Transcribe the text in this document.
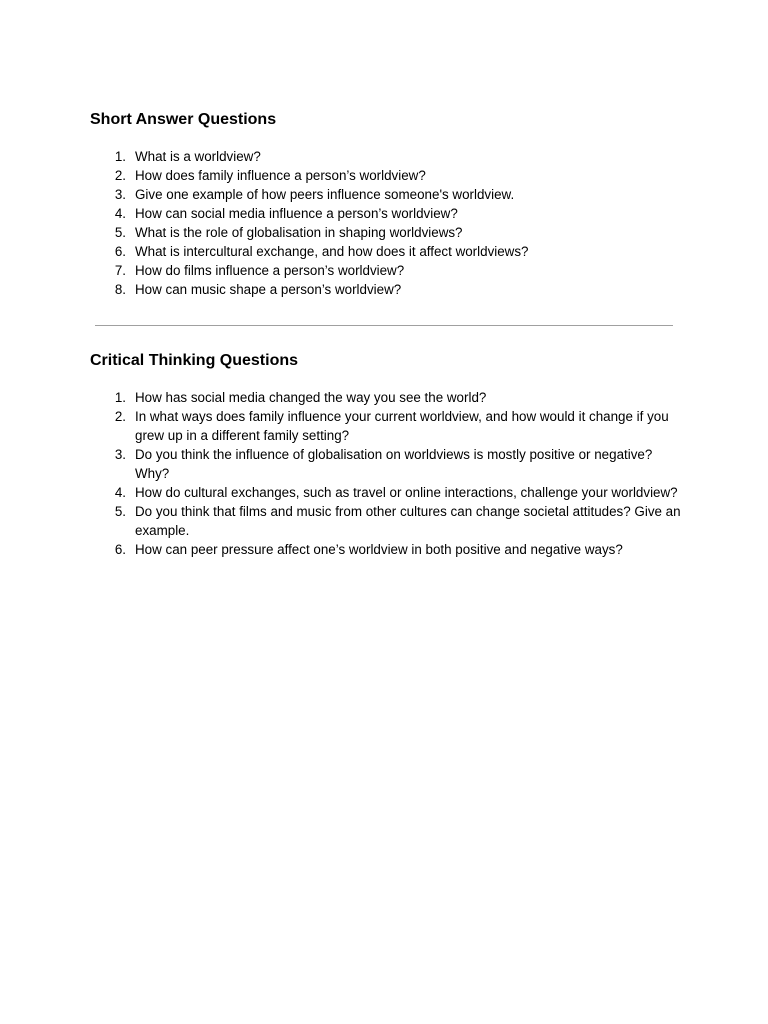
Short Answer Questions
1. What is a worldview?
2. How does family influence a person’s worldview?
3. Give one example of how peers influence someone's worldview.
4. How can social media influence a person’s worldview?
5. What is the role of globalisation in shaping worldviews?
6. What is intercultural exchange, and how does it affect worldviews?
7. How do films influence a person’s worldview?
8. How can music shape a person’s worldview?
Critical Thinking Questions
1. How has social media changed the way you see the world?
2. In what ways does family influence your current worldview, and how would it change if you grew up in a different family setting?
3. Do you think the influence of globalisation on worldviews is mostly positive or negative? Why?
4. How do cultural exchanges, such as travel or online interactions, challenge your worldview?
5. Do you think that films and music from other cultures can change societal attitudes? Give an example.
6. How can peer pressure affect one’s worldview in both positive and negative ways?
